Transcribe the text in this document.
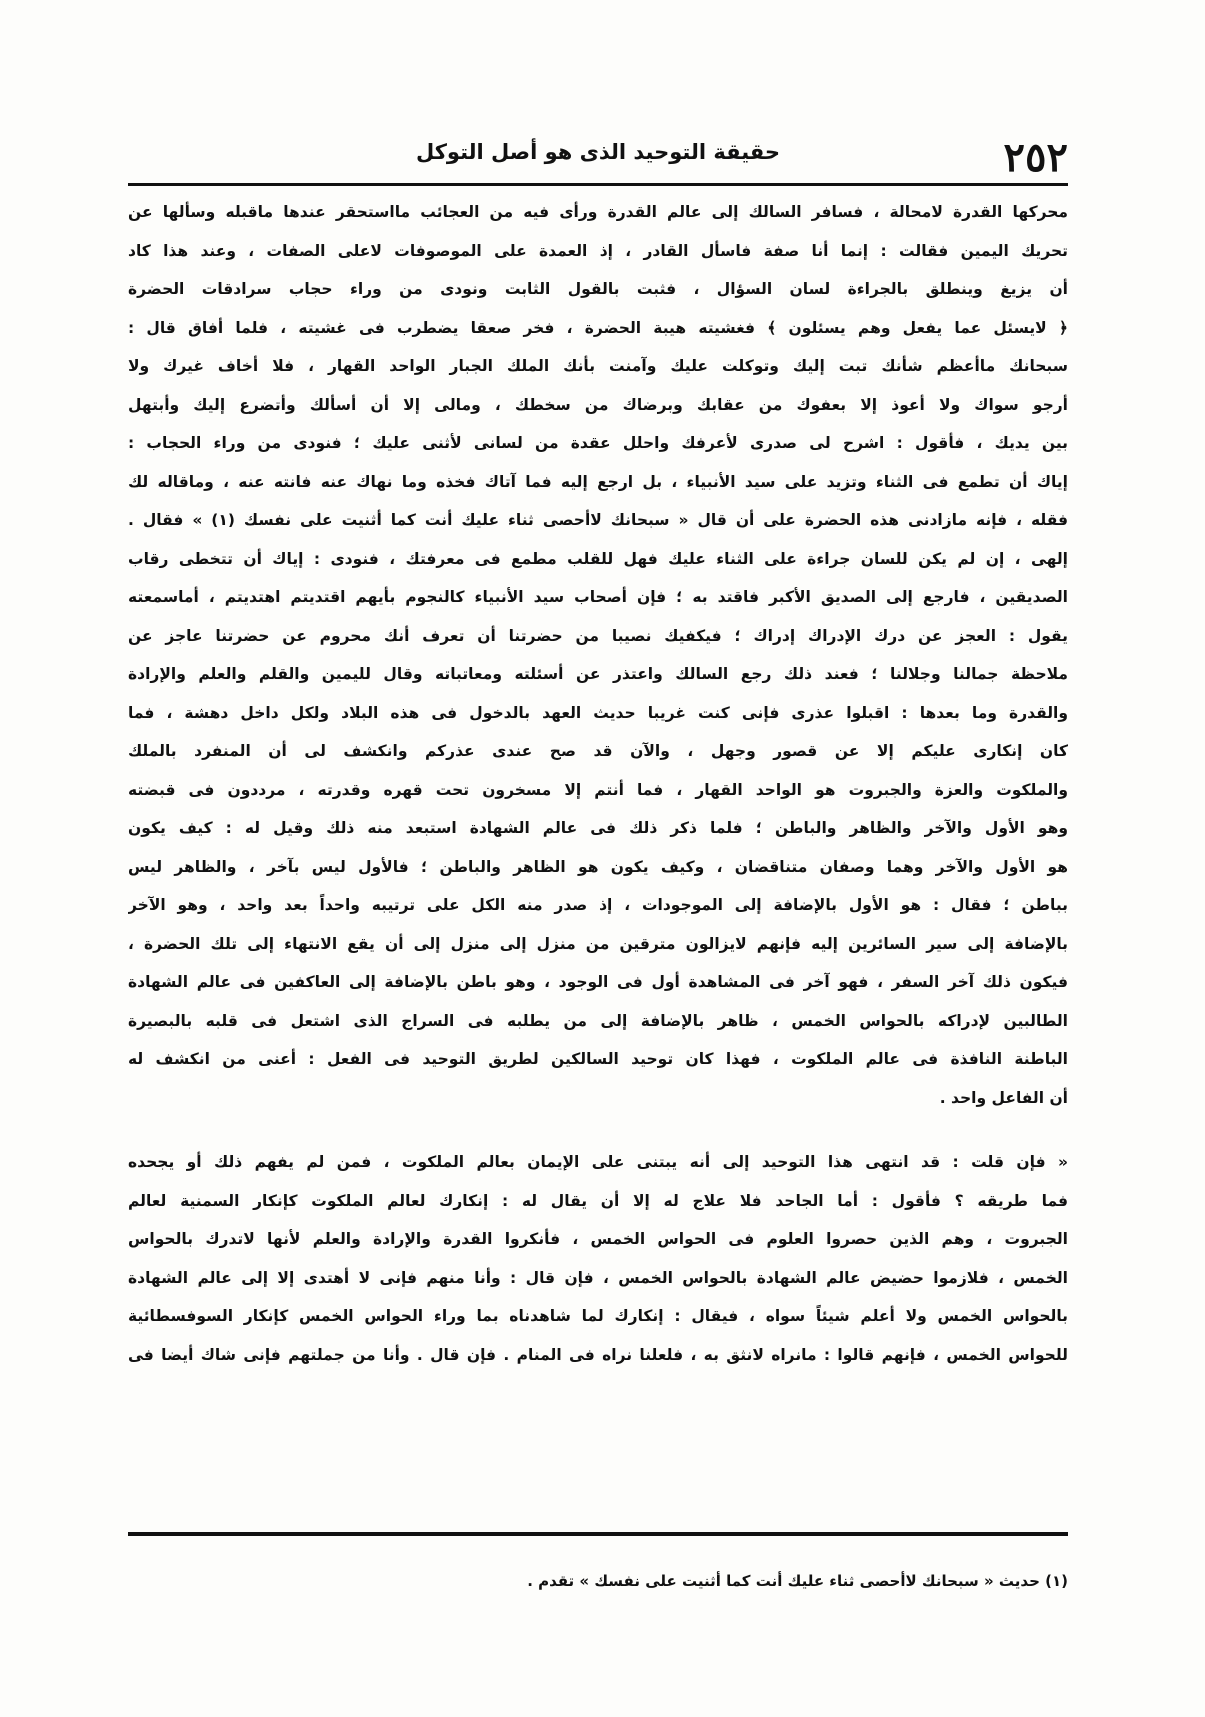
٢٥٢
حقيقة التوحيد الذى هو أصل التوكل
محركها القدرة لامحالة ، فسافر السالك إلى عالم القدرة ورأى فيه من العجائب مااستحقر عندها ماقبله وسألها عن
تحريك اليمين فقالت : إنما أنا صفة فاسأل القادر ، إذ العمدة على الموصوفات لاعلى الصفات ، وعند هذا كاد
أن يزيغ وينطلق بالجراءة لسان السؤال ، فثبت بالقول الثابت ونودى من وراء حجاب سرادقات الحضرة
﴿ لايسئل عما يفعل وهم يسئلون ﴾ فغشيته هيبة الحضرة ، فخر صعقا يضطرب فى غشيته ، فلما أفاق قال :
سبحانك ماأعظم شأنك تبت إليك وتوكلت عليك وآمنت بأنك الملك الجبار الواحد القهار ، فلا أخاف غيرك ولا
أرجو سواك ولا أعوذ إلا بعفوك من عقابك وبرضاك من سخطك ، ومالى إلا أن أسألك وأتضرع إليك وأبتهل
بين يديك ، فأقول : اشرح لى صدرى لأعرفك واحلل عقدة من لسانى لأثنى عليك ؛ فنودى من وراء الحجاب :
إياك أن تطمع فى الثناء وتزيد على سيد الأنبياء ، بل ارجع إليه فما آتاك فخذه وما نهاك عنه فانته عنه ، وماقاله لك
فقله ، فإنه مازادنى هذه الحضرة على أن قال « سبحانك لاأحصى ثناء عليك أنت كما أثنيت على نفسك (١) » فقال .
إلهى ، إن لم يكن للسان جراءة على الثناء عليك فهل للقلب مطمع فى معرفتك ، فنودى : إياك أن تتخطى رقاب
الصديقين ، فارجع إلى الصديق الأكبر فاقتد به ؛ فإن أصحاب سيد الأنبياء كالنجوم بأيهم اقتديتم اهتديتم ، أماسمعته
يقول : العجز عن درك الإدراك إدراك ؛ فيكفيك نصيبا من حضرتنا أن تعرف أنك محروم عن حضرتنا عاجز عن
ملاحظة جمالنا وجلالنا ؛ فعند ذلك رجع السالك واعتذر عن أسئلته ومعاتباته وقال لليمين والقلم والعلم والإرادة
والقدرة وما بعدها : اقبلوا عذرى فإنى كنت غريبا حديث العهد بالدخول فى هذه البلاد ولكل داخل دهشة ، فما
كان إنكارى عليكم إلا عن قصور وجهل ، والآن قد صح عندى عذركم وانكشف لى أن المنفرد بالملك
والملكوت والعزة والجبروت هو الواحد القهار ، فما أنتم إلا مسخرون تحت قهره وقدرته ، مرددون فى قبضته
وهو الأول والآخر والظاهر والباطن ؛ فلما ذكر ذلك فى عالم الشهادة استبعد منه ذلك وقيل له : كيف يكون
هو الأول والآخر وهما وصفان متناقضان ، وكيف يكون هو الظاهر والباطن ؛ فالأول ليس بآخر ، والظاهر ليس
بباطن ؛ فقال : هو الأول بالإضافة إلى الموجودات ، إذ صدر منه الكل على ترتيبه واحداً بعد واحد ، وهو الآخر
بالإضافة إلى سير السائرين إليه فإنهم لايزالون مترقين من منزل إلى منزل إلى أن يقع الانتهاء إلى تلك الحضرة ،
فيكون ذلك آخر السفر ، فهو آخر فى المشاهدة أول فى الوجود ، وهو باطن بالإضافة إلى العاكفين فى عالم الشهادة
الطالبين لإدراكه بالحواس الخمس ، ظاهر بالإضافة إلى من يطلبه فى السراج الذى اشتعل فى قلبه بالبصيرة
الباطنة النافذة فى عالم الملكوت ، فهذا كان توحيد السالكين لطريق التوحيد فى الفعل : أعنى من انكشف له
أن الفاعل واحد .
« فإن قلت : قد انتهى هذا التوحيد إلى أنه يبتنى على الإيمان بعالم الملكوت ، فمن لم يفهم ذلك أو يجحده
فما طريقه ؟ فأقول : أما الجاحد فلا علاج له إلا أن يقال له : إنكارك لعالم الملكوت كإنكار السمنية لعالم
الجبروت ، وهم الذين حصروا العلوم فى الحواس الخمس ، فأنكروا القدرة والإرادة والعلم لأنها لاتدرك بالحواس
الخمس ، فلازموا حضيض عالم الشهادة بالحواس الخمس ، فإن قال : وأنا منهم فإنى لا أهتدى إلا إلى عالم الشهادة
بالحواس الخمس ولا أعلم شيئاً سواه ، فيقال : إنكارك لما شاهدناه بما وراء الحواس الخمس كإنكار السوفسطائية
للحواس الخمس ، فإنهم قالوا : مانراه لانثق به ، فلعلنا نراه فى المنام . فإن قال . وأنا من جملتهم فإنى شاك أيضا فى
(١) حديث « سبحانك لاأحصى ثناء عليك أنت كما أثنيت على نفسك » تقدم .
